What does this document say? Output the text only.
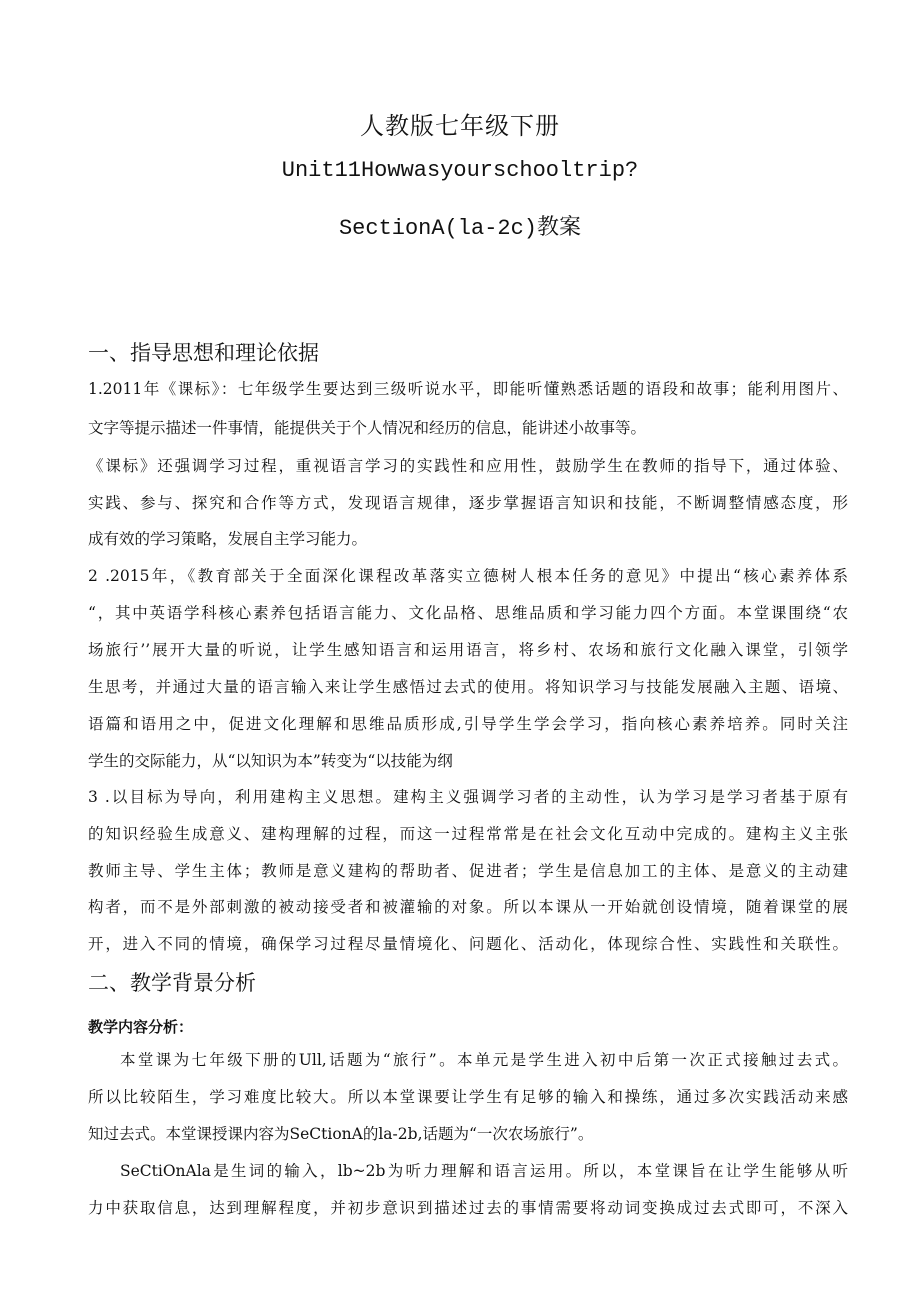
人教版七年级下册
Unit11Howwasyourschooltrip?
SectionA(la-2c)教案
一、指导思想和理论依据
1.2011年《课标》：七年级学生要达到三级听说水平，即能听懂熟悉话题的语段和故事；能利用图片、
文字等提示描述一件事情，能提供关于个人情况和经历的信息，能讲述小故事等。
《课标》还强调学习过程，重视语言学习的实践性和应用性，鼓励学生在教师的指导下，通过体验、
实践、参与、探究和合作等方式，发现语言规律，逐步掌握语言知识和技能，不断调整情感态度，形
成有效的学习策略，发展自主学习能力。
2 .2015年，《教育部关于全面深化课程改革落实立德树人根本任务的意见》中提出“核心素养体系
“，其中英语学科核心素养包括语言能力、文化品格、思维品质和学习能力四个方面。本堂课围绕“农
场旅行’’展开大量的听说，让学生感知语言和运用语言，将乡村、农场和旅行文化融入课堂，引领学
生思考，并通过大量的语言输入来让学生感悟过去式的使用。将知识学习与技能发展融入主题、语境、
语篇和语用之中，促进文化理解和思维品质形成,引导学生学会学习，指向核心素养培养。同时关注
学生的交际能力，从“以知识为本”转变为“以技能为纲
3 .以目标为导向，利用建构主义思想。建构主义强调学习者的主动性，认为学习是学习者基于原有
的知识经验生成意义、建构理解的过程，而这一过程常常是在社会文化互动中完成的。建构主义主张
教师主导、学生主体；教师是意义建构的帮助者、促进者；学生是信息加工的主体、是意义的主动建
构者，而不是外部刺激的被动接受者和被灌输的对象。所以本课从一开始就创设情境，随着课堂的展
开，进入不同的情境，确保学习过程尽量情境化、问题化、活动化，体现综合性、实践性和关联性。
二、教学背景分析
教学内容分析：
本堂课为七年级下册的Ull,话题为“旅行”。本单元是学生进入初中后第一次正式接触过去式。
所以比较陌生，学习难度比较大。所以本堂课要让学生有足够的输入和操练，通过多次实践活动来感
知过去式。本堂课授课内容为SeCtionA的la-2b,话题为“一次农场旅行”。
SeCtiOnAla是生词的输入，lb~2b为听力理解和语言运用。所以，本堂课旨在让学生能够从听
力中获取信息，达到理解程度，并初步意识到描述过去的事情需要将动词变换成过去式即可，不深入
